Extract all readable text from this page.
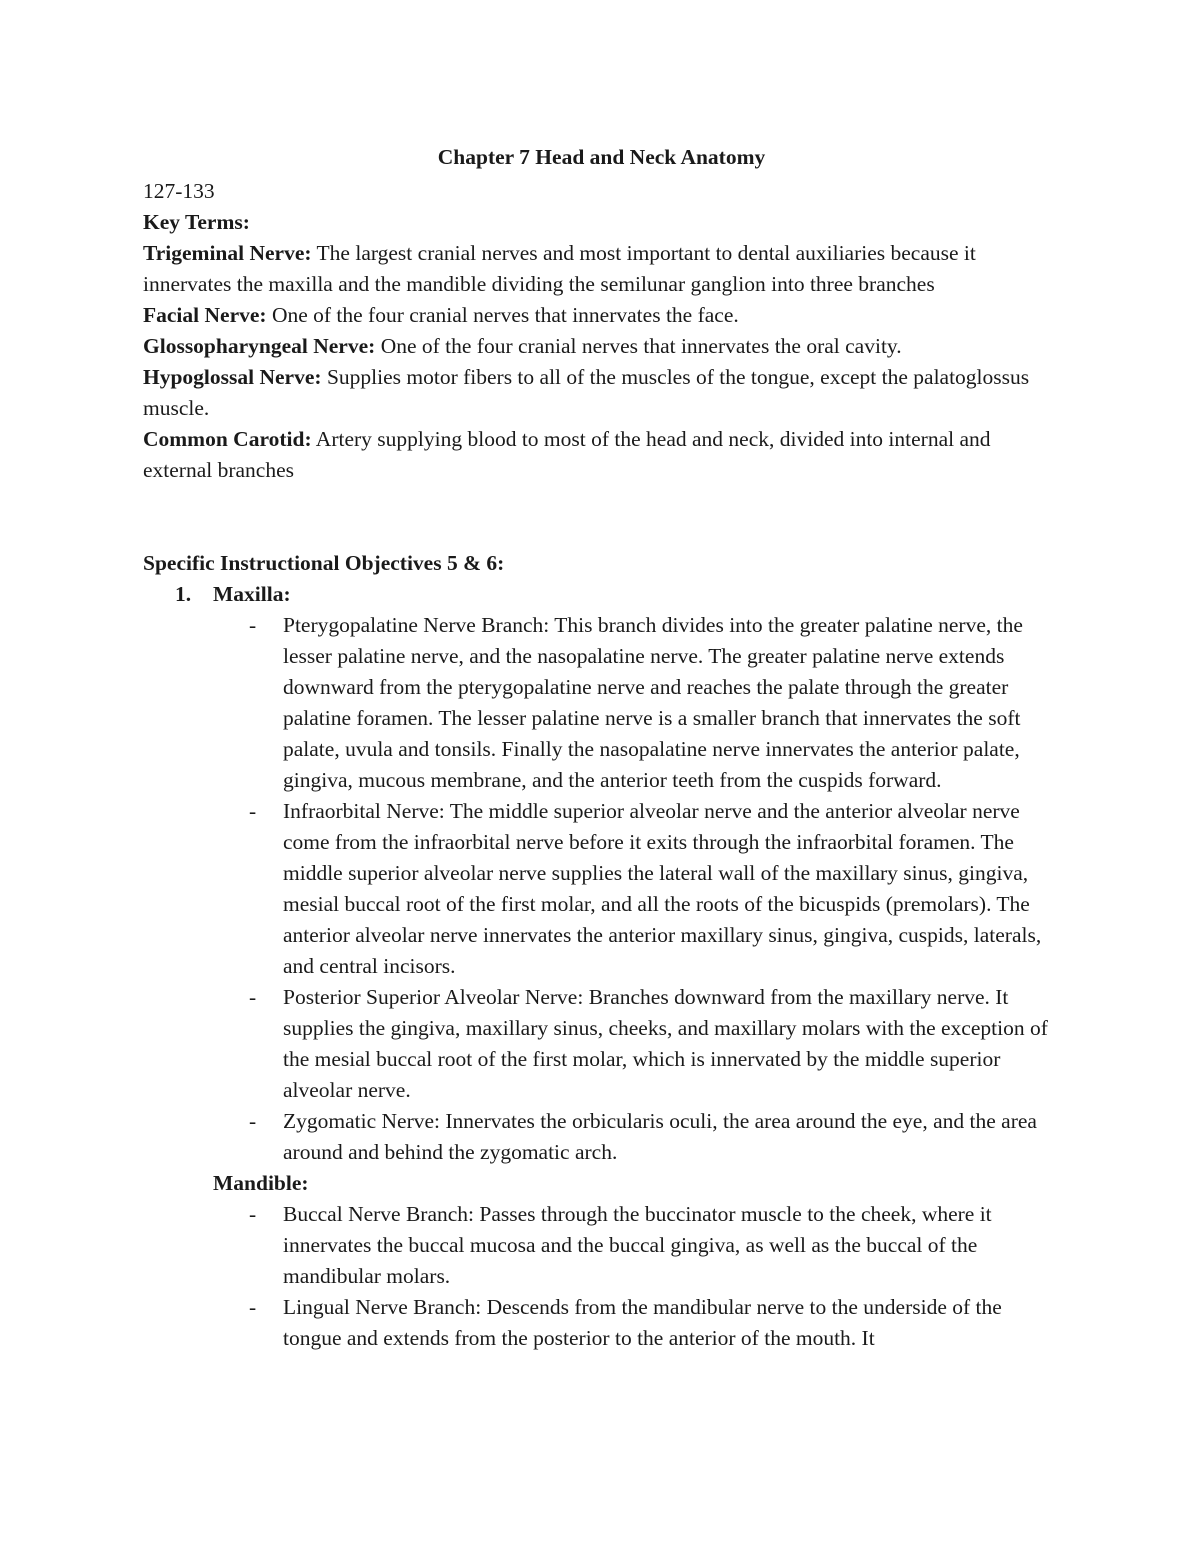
Chapter 7 Head and Neck Anatomy

127-133

Key Terms:

Trigeminal Nerve: The largest cranial nerves and most important to dental auxiliaries because it innervates the maxilla and the mandible dividing the semilunar ganglion into three branches

Facial Nerve: One of the four cranial nerves that innervates the face.

Glossopharyngeal Nerve: One of the four cranial nerves that innervates the oral cavity.

Hypoglossal Nerve: Supplies motor fibers to all of the muscles of the tongue, except the palatoglossus muscle.

Common Carotid: Artery supplying blood to most of the head and neck, divided into internal and external branches

Specific Instructional Objectives 5 & 6:

1.	Maxilla:

- Pterygopalatine Nerve Branch: This branch divides into the greater palatine nerve, the lesser palatine nerve, and the nasopalatine nerve. The greater palatine nerve extends downward from the pterygopalatine nerve and reaches the palate through the greater palatine foramen. The lesser palatine nerve is a smaller branch that innervates the soft palate, uvula and tonsils. Finally the nasopalatine nerve innervates the anterior palate, gingiva, mucous membrane, and the anterior teeth from the cuspids forward.
- Infraorbital Nerve: The middle superior alveolar nerve and the anterior alveolar nerve come from the infraorbital nerve before it exits through the infraorbital foramen. The middle superior alveolar nerve supplies the lateral wall of the maxillary sinus, gingiva, mesial buccal root of the first molar, and all the roots of the bicuspids (premolars). The anterior alveolar nerve innervates the anterior maxillary sinus, gingiva, cuspids, laterals, and central incisors.
- Posterior Superior Alveolar Nerve: Branches downward from the maxillary nerve. It supplies the gingiva, maxillary sinus, cheeks, and maxillary molars with the exception of the mesial buccal root of the first molar, which is innervated by the middle superior alveolar nerve.
- Zygomatic Nerve: Innervates the orbicularis oculi, the area around the eye, and the area around and behind the zygomatic arch.

Mandible:

- Buccal Nerve Branch: Passes through the buccinator muscle to the cheek, where it innervates the buccal mucosa and the buccal gingiva, as well as the buccal of the mandibular molars.
- Lingual Nerve Branch: Descends from the mandibular nerve to the underside of the tongue and extends from the posterior to the anterior of the mouth. It
